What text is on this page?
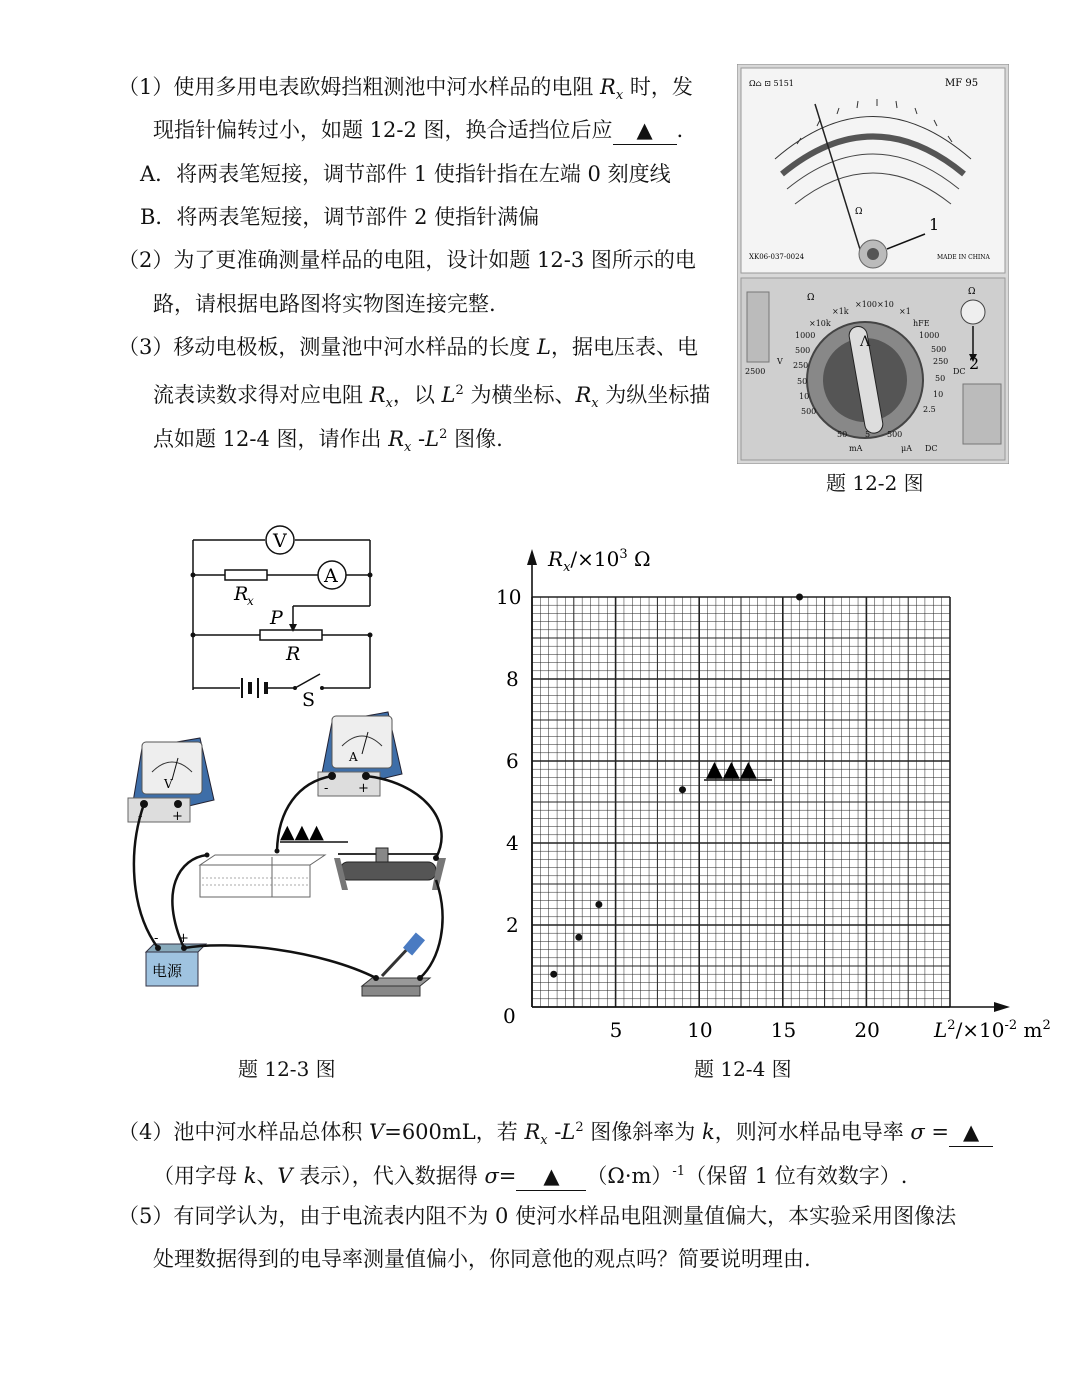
（1）使用多用电表欧姆挡粗测池中河水样品的电阻 $R_x$ 时，发
现指针偏转过小，如题 12-2 图，换合适挡位后应 ▲ .
A．将两表笔短接，调节部件 1 使指针指在左端 0 刻度线
B．将两表笔短接，调节部件 2 使指针满偏
（2）为了更准确测量样品的电阻，设计如题 12-3 图所示的电
路，请根据电路图将实物图连接完整.
（3）移动电极板，测量池中河水样品的长度 L，据电压表、电
流表读数求得对应电阻 $R_x$，以 $L^2$ 为横坐标、$R_x$ 为纵坐标描
点如题 12-4 图，请作出 $R_x$ $-L^2$ 图像.
Ω⌂ ⊡ 5151	MF 95
Ω
1
XK06-037-0024	MADE IN CHINA
Λ
×100 ×10
×1k	×1
×10k	hFE
1000
500
250
50
10
2.5
1000
500
250
50
10
500
50 5 500
mA	μA DC
V
2500	DC
Ω
Ω
2
题 12-2 图
V
A
R
x
P
R
S
V
- +
A
- +
▲▲▲
电源
- +
题 12-3 图
5	10	15	20
2
4
6
8
10
$R_x/\times 10^3$ Ω
$L^2/\times 10^{-2}$ $m^2$
0
▲▲▲
题 12-4 图
（4）池中河水样品总体积 V=600mL，若 $R_x$ $-L^2$ 图像斜率为 k，则河水样品电导率 σ = ▲
（用字母 k、V 表示），代入数据得 σ= ▲ $(\Omega\cdot m)^{-1}$（保留 1 位有效数字）.
（5）有同学认为，由于电流表内阻不为 0 使河水样品电阻测量值偏大，本实验采用图像法
处理数据得到的电导率测量值偏小，你同意他的观点吗？简要说明理由.
